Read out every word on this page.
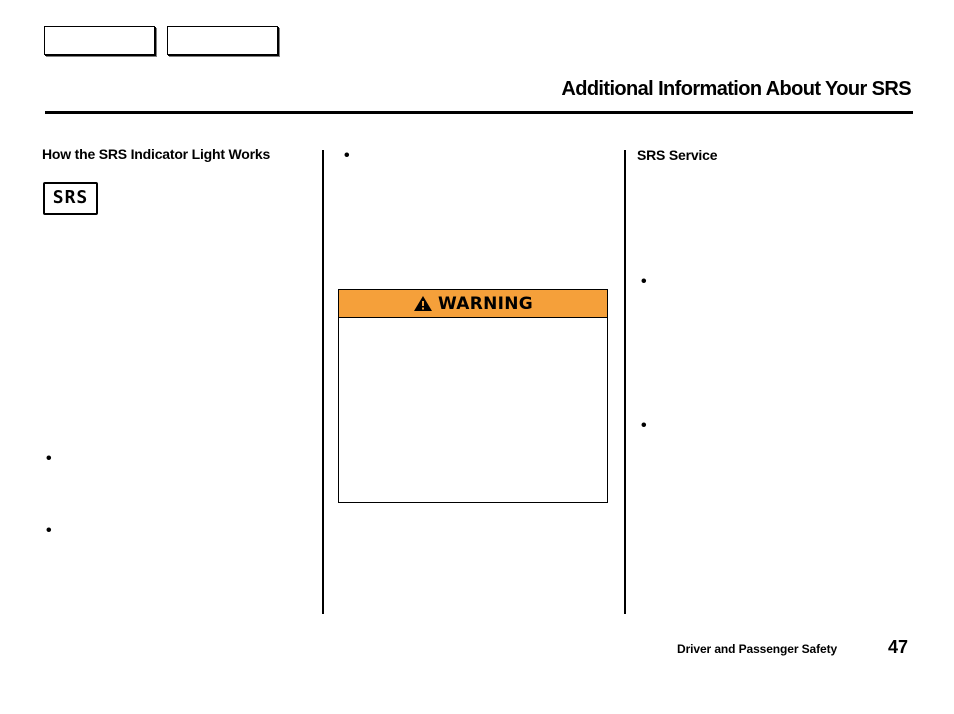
Additional Information About Your SRS
How the SRS Indicator Light Works
SRS
•
•
•
WARNING
SRS Service
•
•
Driver and Passenger Safety	47
